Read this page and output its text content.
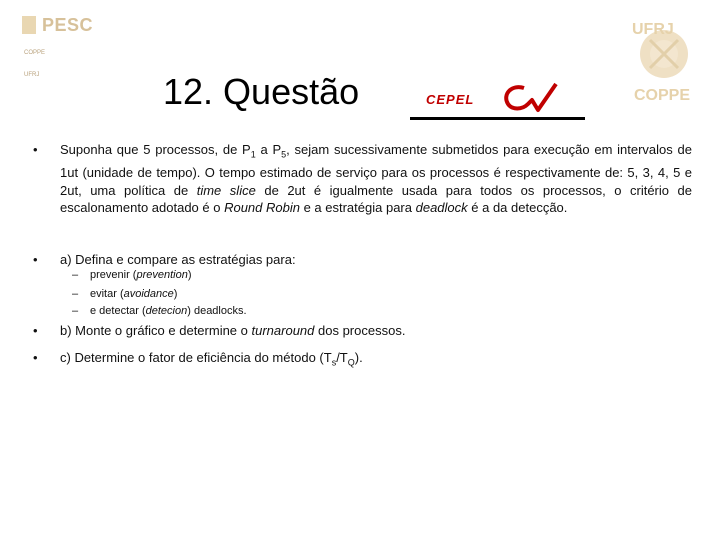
PESC
COPPE
UFRJ
UFRJ
COPPE
12. Questão	CEPEL
• Suponha que 5 processos, de $P_1$ a $P_5$, sejam sucessivamente submetidos para execução em intervalos de 1ut (unidade de tempo). O tempo estimado de serviço para os processos é respectivamente de: 5, 3, 4, 5 e 2ut, uma política de time slice de 2ut é igualmente usada para todos os processos, o critério de escalonamento adotado é o Round Robin e a estratégia para deadlock é a da detecção.
• a) Defina e compare as estratégias para:
– prevenir (prevention)
– evitar (avoidance)
– e detectar (detecion) deadlocks.
• b) Monte o gráfico e determine o turnaround dos processos.
• c) Determine o fator de eficiência do método $(T_s/T_Q)$.
